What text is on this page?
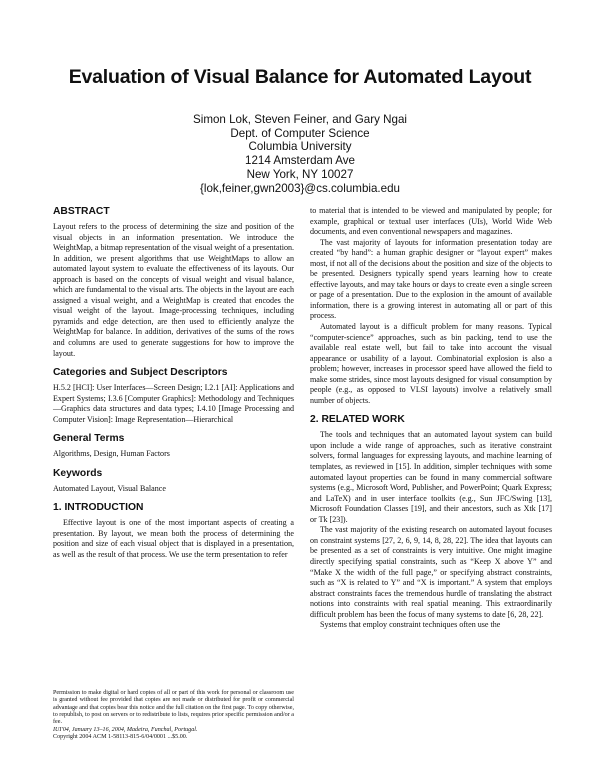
Evaluation of Visual Balance for Automated Layout
Simon Lok, Steven Feiner, and Gary Ngai
Dept. of Computer Science
Columbia University
1214 Amsterdam Ave
New York, NY 10027
{lok,feiner,gwn2003}@cs.columbia.edu
ABSTRACT

Layout refers to the process of determining the size and position of the visual objects in an information presentation. We introduce the WeightMap, a bitmap representation of the visual weight of a presentation. In addition, we present algorithms that use WeightMaps to allow an automated layout system to evaluate the effectiveness of its layouts. Our approach is based on the concepts of visual weight and visual balance, which are fundamental to the visual arts. The objects in the layout are each assigned a visual weight, and a WeightMap is created that encodes the visual weight of the layout. Image-processing techniques, including pyramids and edge detection, are then used to efficiently analyze the WeightMap for balance. In addition, derivatives of the sums of the rows and columns are used to generate suggestions for how to improve the layout.

Categories and Subject Descriptors

H.5.2 [HCI]: User Interfaces—Screen Design; I.2.1 [AI]: Applications and Expert Systems; I.3.6 [Computer Graphics]: Methodology and Techniques—Graphics data structures and data types; I.4.10 [Image Processing and Computer Vision]: Image Representation—Hierarchical

General Terms

Algorithms, Design, Human Factors

Keywords

Automated Layout, Visual Balance

1. INTRODUCTION

Effective layout is one of the most important aspects of creating a presentation. By layout, we mean both the process of determining the position and size of each visual object that is displayed in a presentation, as well as the result of that process. We use the term presentation to refer

Permission to make digital or hard copies of all or part of this work for personal or classroom use is granted without fee provided that copies are not made or distributed for profit or commercial advantage and that copies bear this notice and the full citation on the first page. To copy otherwise, to republish, to post on servers or to redistribute to lists, requires prior specific permission and/or a fee.

IUI'04, January 13–16, 2004, Madeira, Funchal, Portugal.

Copyright 2004 ACM 1-58113-815-6/04/0001 ...$5.00.

to material that is intended to be viewed and manipulated by people; for example, graphical or textual user interfaces (UIs), World Wide Web documents, and even conventional newspapers and magazines.

The vast majority of layouts for information presentation today are created “by hand”: a human graphic designer or “layout expert” makes most, if not all of the decisions about the position and size of the objects to be presented. Designers typically spend years learning how to create effective layouts, and may take hours or days to create even a single screen or page of a presentation. Due to the explosion in the amount of available information, there is a growing interest in automating all or part of this process.

Automated layout is a difficult problem for many reasons. Typical “computer-science” approaches, such as bin packing, tend to use the available real estate well, but fail to take into account the visual appearance or usability of a layout. Combinatorial explosion is also a problem; however, increases in processor speed have allowed the field to make some strides, since most layouts designed for visual consumption by people (e.g., as opposed to VLSI layouts) involve a relatively small number of objects.

2. RELATED WORK

The tools and techniques that an automated layout system can build upon include a wide range of approaches, such as iterative constraint solvers, formal languages for expressing layouts, and machine learning of templates, as reviewed in [15]. In addition, simpler techniques with some automated layout properties can be found in many commercial software systems (e.g., Microsoft Word, Publisher, and PowerPoint; Quark Express; and LaTeX) and in user interface toolkits (e.g., Sun JFC/Swing [13], Microsoft Foundation Classes [19], and their ancestors, such as Xtk [17] or Tk [23]).

The vast majority of the existing research on automated layout focuses on constraint systems [27, 2, 6, 9, 14, 8, 28, 22]. The idea that layouts can be presented as a set of constraints is very intuitive. One might imagine directly specifying spatial constraints, such as “Keep X above Y” and “Make X the width of the full page,” or specifying abstract constraints, such as “X is related to Y” and “X is important.” A system that employs abstract constraints faces the tremendous hurdle of translating the abstract notions into constraints with real spatial meaning. This extraordinarily difficult problem has been the focus of many systems to date [6, 28, 22].

Systems that employ constraint techniques often use the
